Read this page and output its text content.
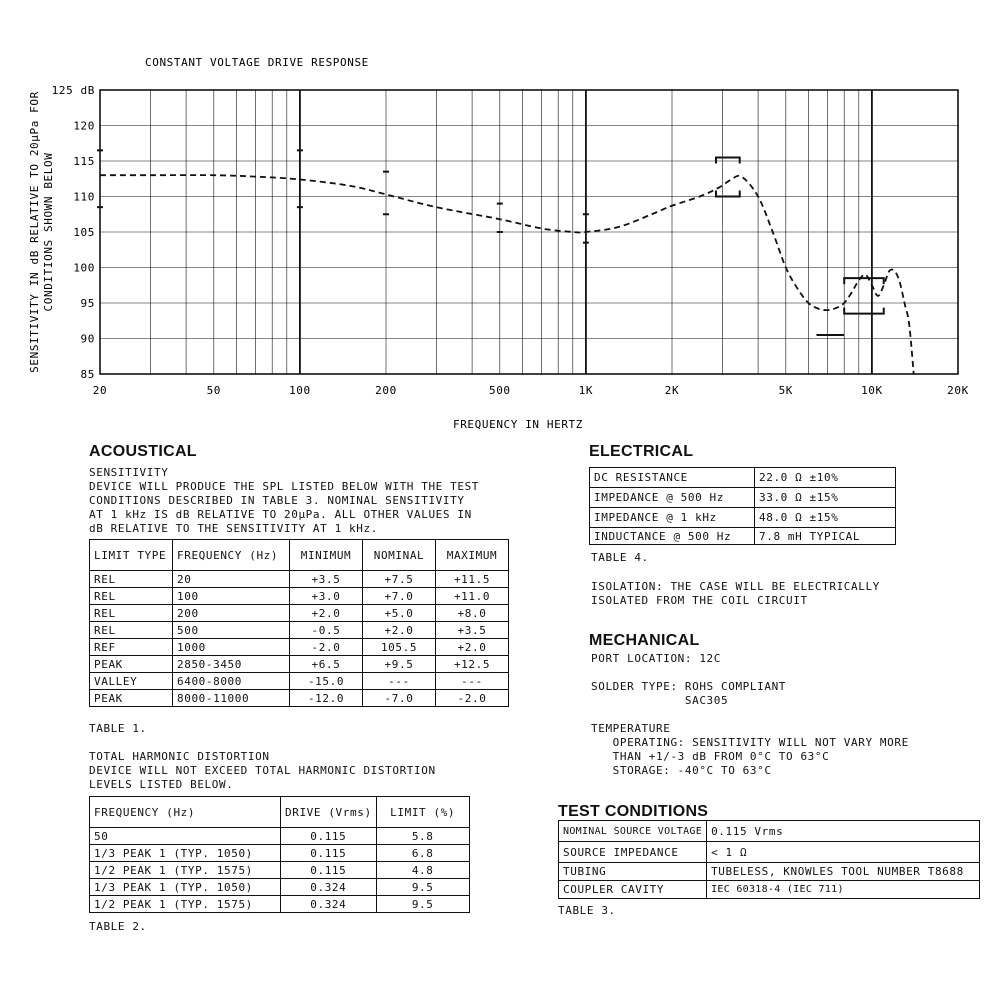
CONSTANT VOLTAGE DRIVE RESPONSE
SENSITIVITY IN dB RELATIVE TO 20μPa FOR CONDITIONS SHOWN BELOW
20	50	100	200	500	1K	2K	5K	10K	20K
125 dB
120
115
110
105
100
95
90
85
FREQUENCY IN HERTZ
ACOUSTICAL
SENSITIVITY
DEVICE WILL PRODUCE THE SPL LISTED BELOW WITH THE TEST
CONDITIONS DESCRIBED IN TABLE 3. NOMINAL SENSITIVITY
AT 1 kHz IS dB RELATIVE TO 20μPa. ALL OTHER VALUES IN
dB RELATIVE TO THE SENSITIVITY AT 1 kHz.
LIMIT TYPE	FREQUENCY (Hz)	MINIMUM	NOMINAL	MAXIMUM
REL	20	+3.5	+7.5	+11.5
REL	100	+3.0	+7.0	+11.0
REL	200	+2.0	+5.0	+8.0
REL	500	-0.5	+2.0	+3.5
REF	1000	-2.0	105.5	+2.0
PEAK	2850-3450	+6.5	+9.5	+12.5
VALLEY	6400-8000	-15.0	---	---
PEAK	8000-11000	-12.0	-7.0	-2.0
TABLE 1.
TOTAL HARMONIC DISTORTION
DEVICE WILL NOT EXCEED TOTAL HARMONIC DISTORTION
LEVELS LISTED BELOW.
FREQUENCY (Hz)	DRIVE (Vrms)	LIMIT (%)
50	0.115	5.8
1/3 PEAK 1 (TYP. 1050)	0.115	6.8
1/2 PEAK 1 (TYP. 1575)	0.115	4.8
1/3 PEAK 1 (TYP. 1050)	0.324	9.5
1/2 PEAK 1 (TYP. 1575)	0.324	9.5
TABLE 2.
ELECTRICAL
DC RESISTANCE	22.0 Ω ±10%
IMPEDANCE @ 500 Hz	33.0 Ω ±15%
IMPEDANCE @ 1 kHz	48.0 Ω ±15%
INDUCTANCE @ 500 Hz	7.8 mH TYPICAL
TABLE 4.
ISOLATION: THE CASE WILL BE ELECTRICALLY
ISOLATED FROM THE COIL CIRCUIT
MECHANICAL
PORT LOCATION: 12C

SOLDER TYPE: ROHS COMPLIANT
SAC305

TEMPERATURE
OPERATING: SENSITIVITY WILL NOT VARY MORE
THAN +1/-3 dB FROM 0°C TO 63°C
STORAGE: -40°C TO 63°C
TEST CONDITIONS
NOMINAL SOURCE VOLTAGE	0.115 Vrms
SOURCE IMPEDANCE	< 1 Ω
TUBING	TUBELESS, KNOWLES TOOL NUMBER T8688
COUPLER CAVITY	IEC 60318-4 (IEC 711)
TABLE 3.
